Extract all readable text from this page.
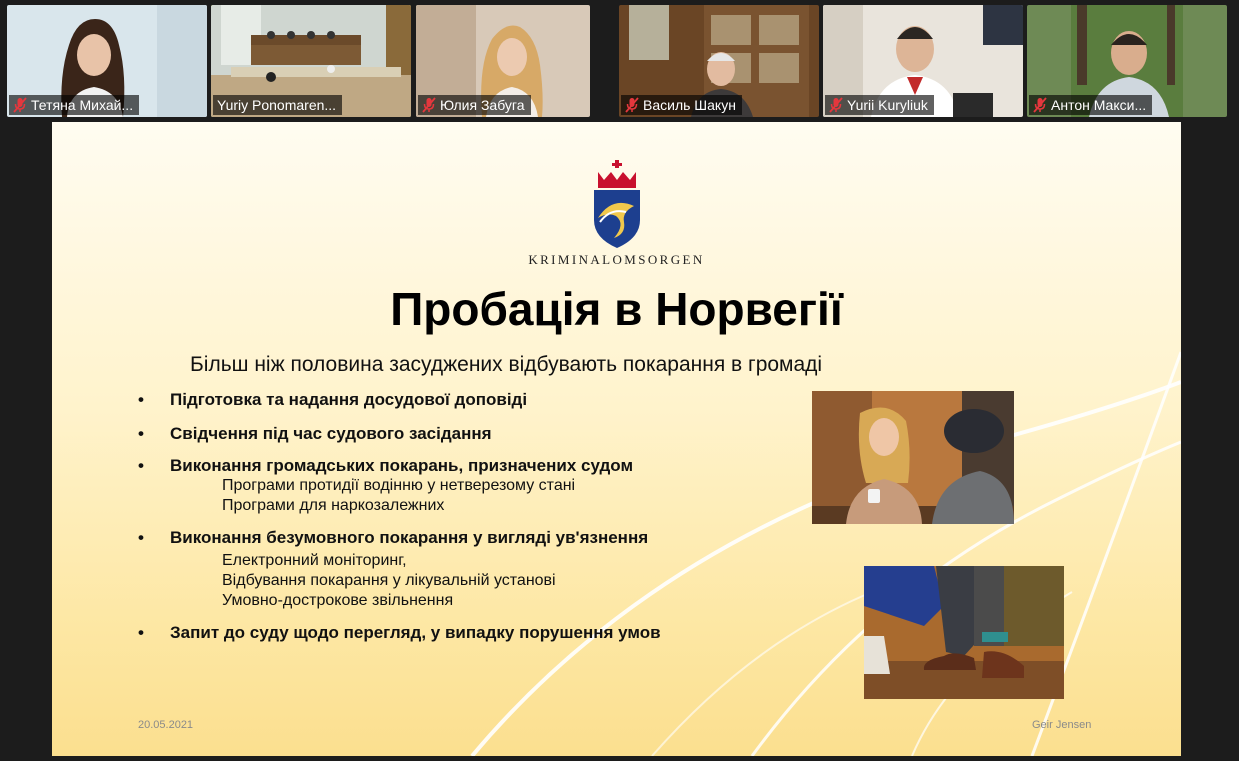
Тетяна Михай...	Yuriy Ponomaren...	Юлия Забуга	Василь Шакун	Yurii Kuryliuk	Антон Макси...
KRIMINALOMSORGEN
Пробація в Норвегії
Більш ніж половина засуджених відбувають покарання в громаді
• Підготовка та надання досудової доповіді
• Свідчення під час судового засідання
• Виконання громадських покарань, призначених судом
Програми протидії водінню у нетверезому стані
Програми для наркозалежних
• Виконання безумовного покарання у вигляді ув'язнення
Електронний моніторинг,
Відбування покарання у лікувальній установі
Умовно-дострокове звільнення
• Запит до суду щодо перегляд, у випадку порушення умов
20.05.2021	Geir Jensen
